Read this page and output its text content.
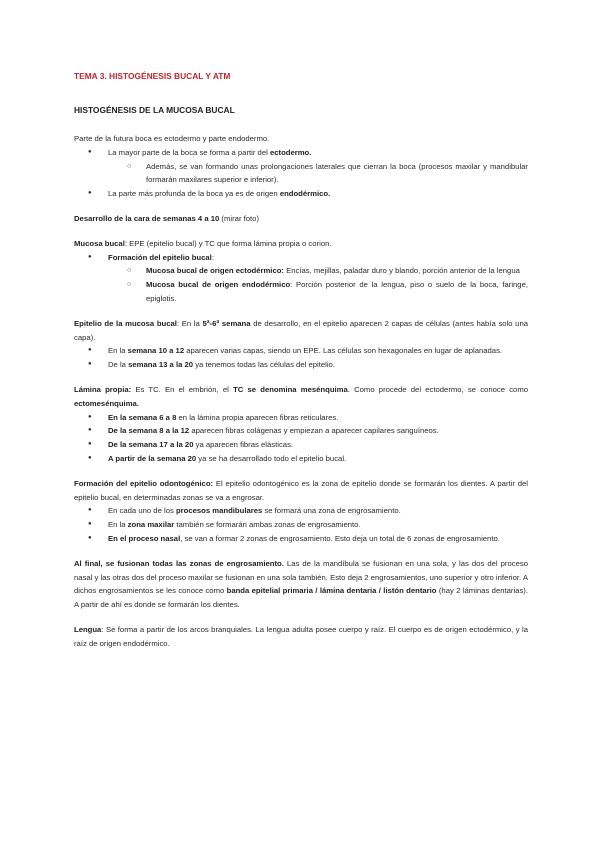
TEMA 3. HISTOGÉNESIS BUCAL Y ATM
HISTOGÉNESIS DE LA MUCOSA BUCAL

Parte de la futura boca es ectodermo y parte endodermo.

● La mayor parte de la boca se forma a partir del ectodermo.
○ Además, se van formando unas prolongaciones laterales que cierran la boca (procesos maxilar y mandibular formarán maxilares superior e inferior).
● La parte más profunda de la boca ya es de origen endodérmico.

Desarrollo de la cara de semanas 4 a 10 (mirar foto)

Mucosa bucal: EPE (epitelio bucal) y TC que forma lámina propia o corion.

● Formación del epitelio bucal:
○ Mucosa bucal de origen ectodérmico: Encías, mejillas, paladar duro y blando, porción anterior de la lengua
○ Mucosa bucal de origen endodérmico: Porción posterior de la lengua, piso o suelo de la boca, faringe, epiglotis.

Epitelio de la mucosa bucal: En la 5ª-6ª semana de desarrollo, en el epitelio aparecen 2 capas de células (antes había solo una capa).

● En la semana 10 a 12 aparecen varias capas, siendo un EPE. Las células son hexagonales en lugar de aplanadas.
● De la semana 13 a la 20 ya tenemos todas las células del epitelio.

Lámina propia: Es TC. En el embrión, el TC se denomina mesénquima. Como procede del ectodermo, se conoce como ectomesénquima.

● En la semana 6 a 8 en la lámina propia aparecen fibras reticulares.
● De la semana 8 a la 12 aparecen fibras colágenas y empiezan a aparecer capilares sanguíneos.
● De la semana 17 a la 20 ya aparecen fibras elásticas.
● A partir de la semana 20 ya se ha desarrollado todo el epitelio bucal.

Formación del epitelio odontogénico: El epitelio odontogénico es la zona de epitelio donde se formarán los dientes. A partir del epitelio bucal, en determinadas zonas se va a engrosar.

● En cada uno de los procesos mandibulares se formará una zona de engrosamiento.
● En la zona maxilar también se formarán ambas zonas de engrosamiento.
● En el proceso nasal, se van a formar 2 zonas de engrosamiento. Esto deja un total de 6 zonas de engrosamiento.

Al final, se fusionan todas las zonas de engrosamiento. Las de la mandíbula se fusionan en una sola, y las dos del proceso nasal y las otras dos del proceso maxilar se fusionan en una sola también. Esto deja 2 engrosamientos, uno superior y otro inferior. A dichos engrosamientos se les conoce como banda epitelial primaria / lámina dentaria / listón dentario (hay 2 láminas dentarias). A partir de ahí es donde se formarán los dientes.

Lengua: Se forma a partir de los arcos branquiales. La lengua adulta posee cuerpo y raíz. El cuerpo es de origen ectodérmico, y la raíz de origen endodérmico.
